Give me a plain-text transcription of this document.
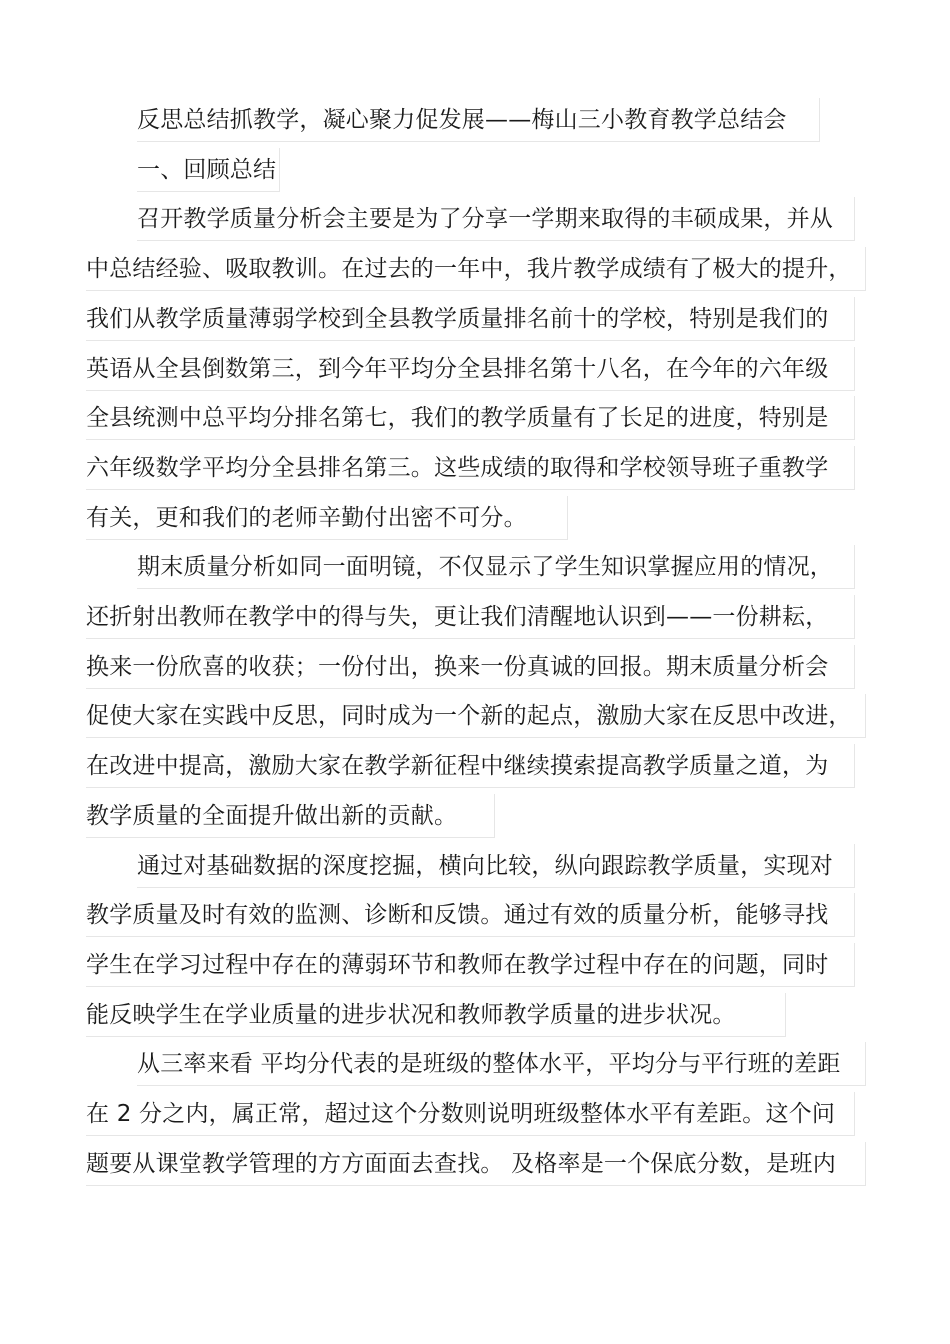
反思总结抓教学，凝心聚力促发展——梅山三小教育教学总结会
一、回顾总结
召开教学质量分析会主要是为了分享一学期来取得的丰硕成果，并从
中总结经验、吸取教训。在过去的一年中，我片教学成绩有了极大的提升，
我们从教学质量薄弱学校到全县教学质量排名前十的学校，特别是我们的
英语从全县倒数第三，到今年平均分全县排名第十八名，在今年的六年级
全县统测中总平均分排名第七，我们的教学质量有了长足的进度，特别是
六年级数学平均分全县排名第三。这些成绩的取得和学校领导班子重教学
有关，更和我们的老师辛勤付出密不可分。
期末质量分析如同一面明镜，不仅显示了学生知识掌握应用的情况，
还折射出教师在教学中的得与失，更让我们清醒地认识到——一份耕耘，
换来一份欣喜的收获；一份付出，换来一份真诚的回报。期末质量分析会
促使大家在实践中反思，同时成为一个新的起点，激励大家在反思中改进，
在改进中提高，激励大家在教学新征程中继续摸索提高教学质量之道，为
教学质量的全面提升做出新的贡献。
通过对基础数据的深度挖掘，横向比较，纵向跟踪教学质量，实现对
教学质量及时有效的监测、诊断和反馈。通过有效的质量分析，能够寻找
学生在学习过程中存在的薄弱环节和教师在教学过程中存在的问题，同时
能反映学生在学业质量的进步状况和教师教学质量的进步状况。
从三率来看 平均分代表的是班级的整体水平，平均分与平行班的差距
在 2 分之内，属正常，超过这个分数则说明班级整体水平有差距。这个问
题要从课堂教学管理的方方面面去查找。 及格率是一个保底分数，是班内
